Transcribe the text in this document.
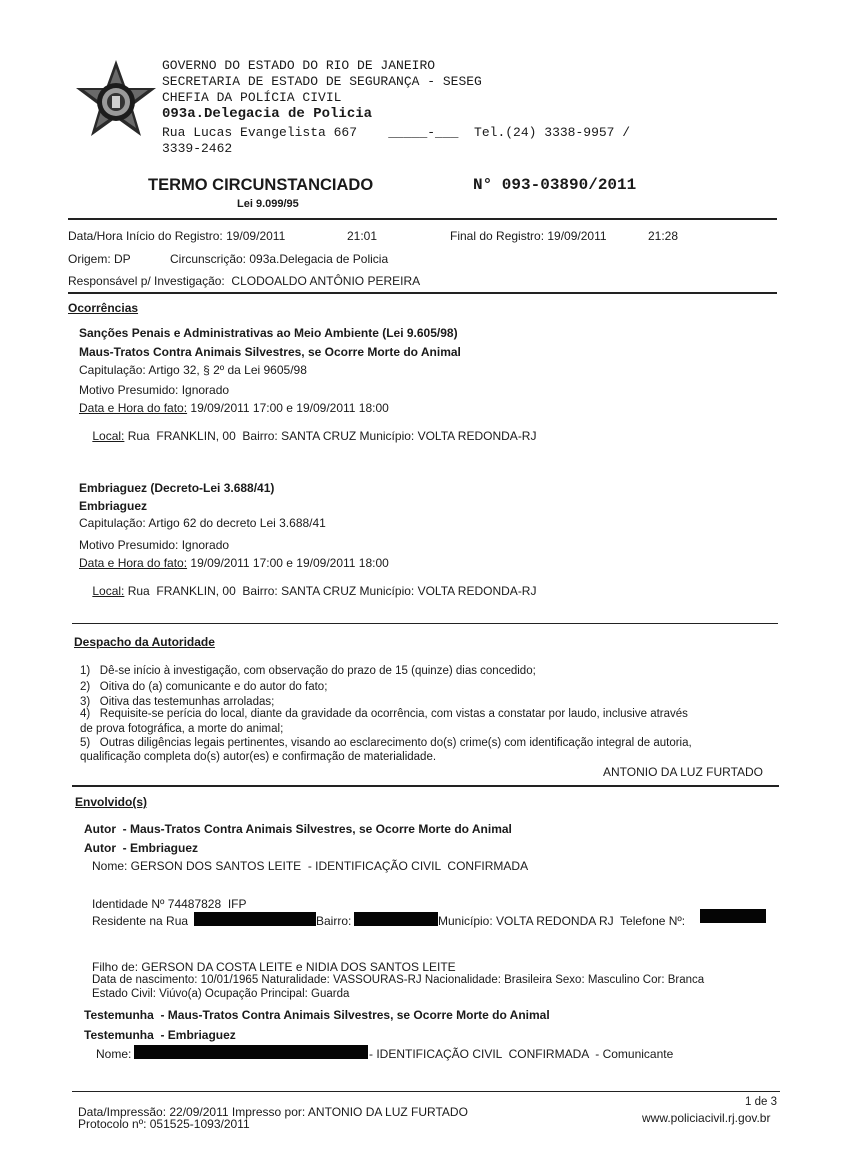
GOVERNO DO ESTADO DO RIO DE JANEIRO
SECRETARIA DE ESTADO DE SEGURANÇA - SESEG
CHEFIA DA POLÍCIA CIVIL
093a.Delegacia de Policia
Rua Lucas Evangelista 667    _____-___  Tel.(24) 3338-9957 /
3339-2462
TERMO CIRCUNSTANCIADO
Lei 9.099/95
N° 093-03890/2011
Data/Hora Início do Registro: 19/09/2011	21:01	Final do Registro: 19/09/2011	21:28
Origem: DP	Circunscrição: 093a.Delegacia de Policia
Responsável p/ Investigação:  CLODOALDO ANTÔNIO PEREIRA
Ocorrências
Sanções Penais e Administrativas ao Meio Ambiente (Lei 9.605/98)
Maus-Tratos Contra Animais Silvestres, se Ocorre Morte do Animal
Capitulação: Artigo 32, § 2º da Lei 9605/98
Motivo Presumido: Ignorado
Data e Hora do fato: 19/09/2011 17:00 e 19/09/2011 18:00

Local: Rua  FRANKLIN, 00  Bairro: SANTA CRUZ Município: VOLTA REDONDA-RJ

Embriaguez (Decreto-Lei 3.688/41)
Embriaguez
Capitulação: Artigo 62 do decreto Lei 3.688/41
Motivo Presumido: Ignorado
Data e Hora do fato: 19/09/2011 17:00 e 19/09/2011 18:00

Local: Rua  FRANKLIN, 00  Bairro: SANTA CRUZ Município: VOLTA REDONDA-RJ

Despacho da Autoridade
1)   Dê-se início à investigação, com observação do prazo de 15 (quinze) dias concedido;
2)   Oitiva do (a) comunicante e do autor do fato;
3)   Oitiva das testemunhas arroladas;
4)   Requisite-se perícia do local, diante da gravidade da ocorrência, com vistas a constatar por laudo, inclusive através
de prova fotográfica, a morte do animal;
5)   Outras diligências legais pertinentes, visando ao esclarecimento do(s) crime(s) com identificação integral de autoria,
qualificação completa do(s) autor(es) e confirmação de materialidade.
ANTONIO DA LUZ FURTADO
Envolvido(s)
Autor  - Maus-Tratos Contra Animais Silvestres, se Ocorre Morte do Animal
Autor  - Embriaguez
Nome: GERSON DOS SANTOS LEITE  - IDENTIFICAÇÃO CIVIL  CONFIRMADA
Identidade Nº 74487828  IFP
Residente na Rua	Bairro:	Município: VOLTA REDONDA RJ  Telefone Nº:
Filho de: GERSON DA COSTA LEITE e NIDIA DOS SANTOS LEITE
Data de nascimento: 10/01/1965 Naturalidade: VASSOURAS-RJ Nacionalidade: Brasileira Sexo: Masculino Cor: Branca
Estado Civil: Viúvo(a) Ocupação Principal: Guarda
Testemunha  - Maus-Tratos Contra Animais Silvestres, se Ocorre Morte do Animal
Testemunha  - Embriaguez
Nome:	- IDENTIFICAÇÃO CIVIL  CONFIRMADA  - Comunicante
Data/Impressão: 22/09/2011 Impresso por: ANTONIO DA LUZ FURTADO
Protocolo nº: 051525-1093/2011
1 de 3
www.policiacivil.rj.gov.br
